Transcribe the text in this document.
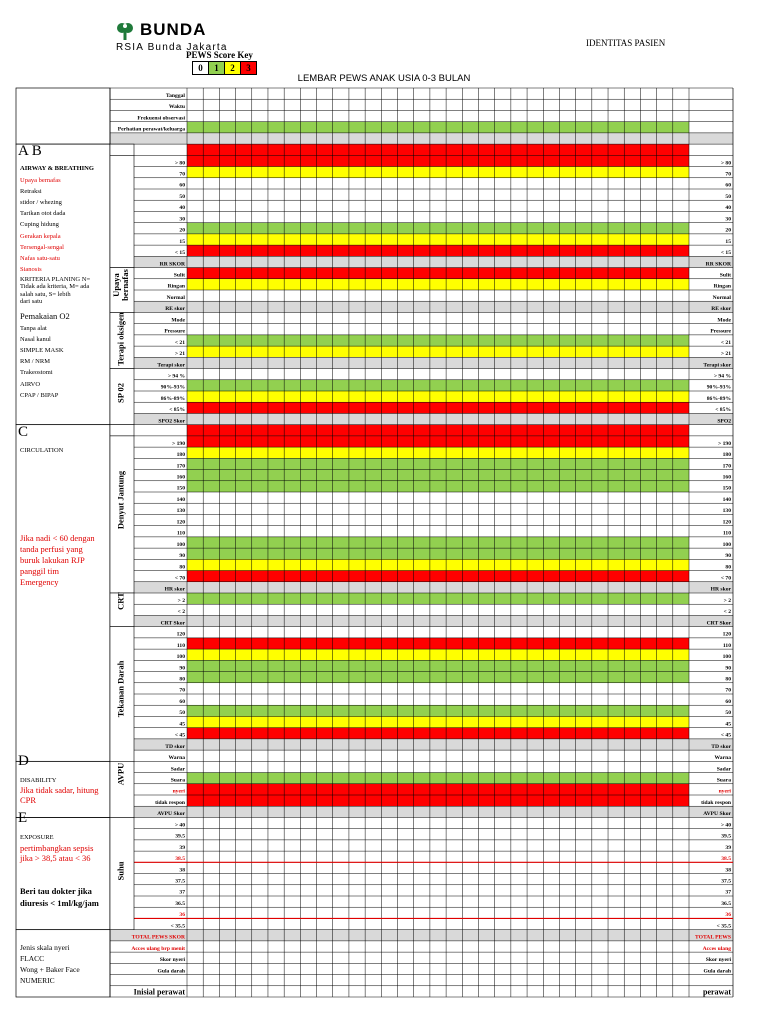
BUNDA
RSIA Bunda Jakarta	IDENTITAS PASIEN
PEWS Score Key
0	1	2	3
LEMBAR PEWS ANAK USIA 0-3 BULAN
Tanggal
Waktu
Frekuensi observasi
Perhatian perawat/keluarga
> 80	> 80
70	70
60	60
50	50
40	40
30	30
20	20
15	15
< 15	< 15
RR SKOR	RR SKOR
Sulit	Sulit
Ringan	Ringan
Normal	Normal
RE skor	RE skor
Mode	Mode
Pressure	Pressure
< 21	< 21
> 21	> 21
Terapi skor	Terapi skor
> 94 %	> 94 %
90%-93%	90%-93%
86%-89%	86%-89%
< 85%	< 85%
SPO2 Skor	SPO2
> 190	> 190
180	180
170	170
160	160
150	150
140	140
130	130
120	120
110	110
100	100
90	90
80	80
< 70	< 70
HR skor	HR skor
> 2	> 2
< 2	< 2
CRT Skor	CRT Skor
120	120
110	110
100	100
90	90
80	80
70	70
60	60
50	50
45	45
< 45	< 45
TD skor	TD skor
Warna	Warna
Sadar	Sadar
Suara	Suara
nyeri	nyeri
tidak respon	tidak respon
AVPU Skor	AVPU Skor
> 40	> 40
39.5	39.5
39	39
38.5	38.5
38	38
37.5	37.5
37	37
36.5	36.5
36	36
< 35.5	< 35.5
TOTAL PEWS SKOR	TOTAL PEWS
Acces ulang brp menit	Acces ulang
Skor nyeri	Skor nyeri
Gula darah	Gula darah
Inisial perawat	perawat
A B
AIRWAY & BREATHING
Upaya bernafas
Retraksi
stidor / whezing
Tarikan otot dada
Cuping hidung
Gerakan kepala
Tersengal-sengal
Nafas satu-satu
Sianosis
KRITERIA PLANING N=
Tidak ada kriteria, M= ada
salah satu, S= lebih
dari satu
Pemakaian O2
Tanpa alat
Nasal kanul
SIMPLE MASK
RM / NRM
Trakeostomi
AIRVO
CPAP / BIPAP
C
CIRCULATION
Jika nadi < 60 dengan
tanda perfusi yang
buruk lakukan RJP
panggil tim
Emergency
D
DISABILITY
Jika tidak sadar, hitung
CPR
E
EXPOSURE
pertimbangkan sepsis
jika > 38,5 atau < 36
Beri tau dokter jika
diuresis < 1ml/kg/jam
Jenis skala nyeri
FLACC
Wong + Baker Face
NUMERIC
Upaya
bernafas
Terapi oksigen
SP 02
Denyut Jantung
CRT
Tekanan Darah
AVPU
Suhu
